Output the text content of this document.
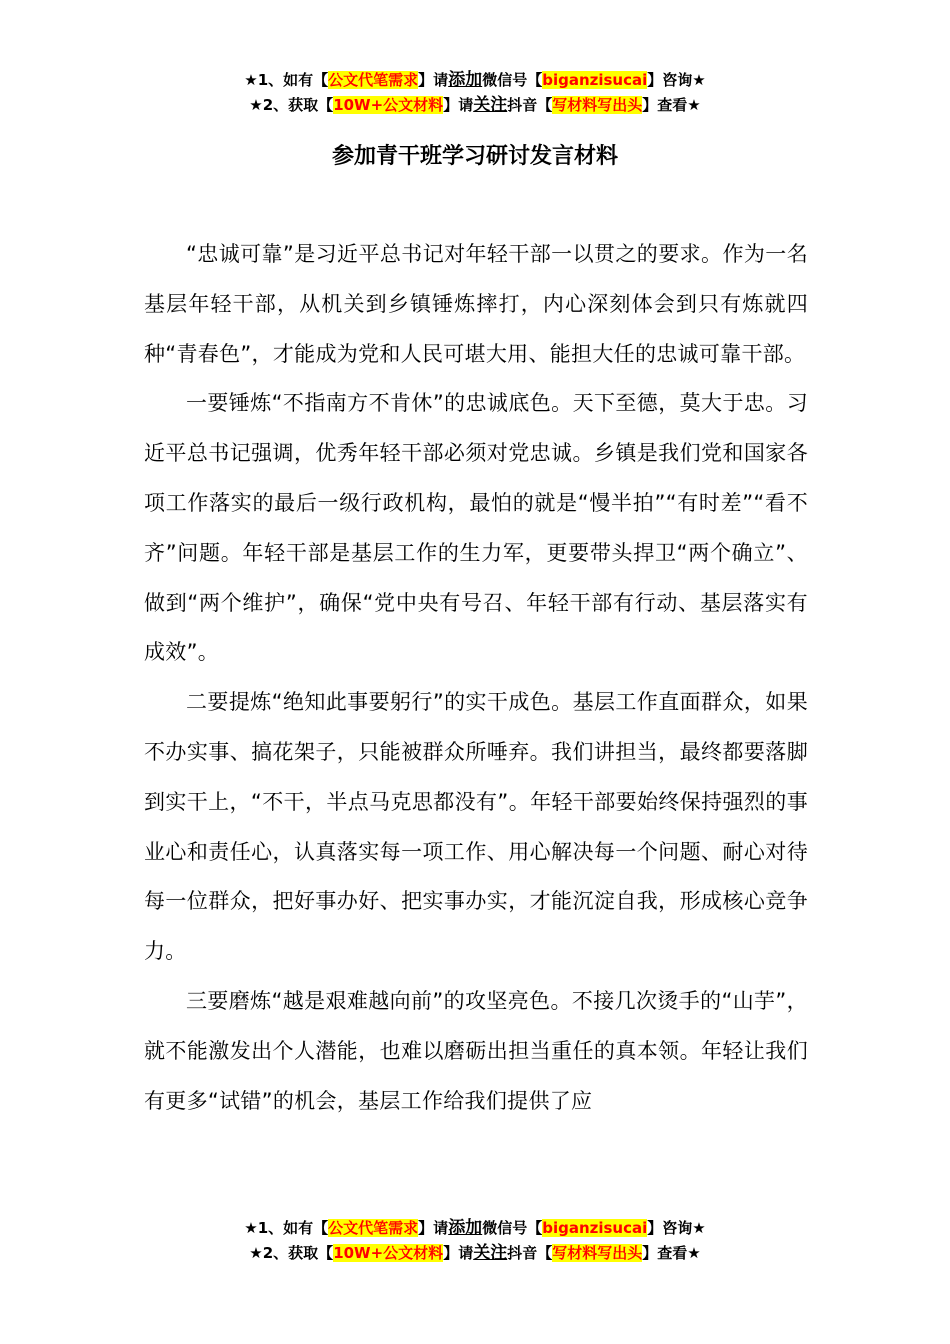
★1、如有【公文代笔需求】请添加微信号【biganzisucai】咨询★
★2、获取【10W+公文材料】请关注抖音【写材料写出头】查看★
参加青干班学习研讨发言材料

“忠诚可靠”是习近平总书记对年轻干部一以贯之的要求。作为一名基层年轻干部，从机关到乡镇锤炼摔打，内心深刻体会到只有炼就四种“青春色”，才能成为党和人民可堪大用、能担大任的忠诚可靠干部。

一要锤炼“不指南方不肯休”的忠诚底色。天下至德，莫大于忠。习近平总书记强调，优秀年轻干部必须对党忠诚。乡镇是我们党和国家各项工作落实的最后一级行政机构，最怕的就是“慢半拍”“有时差”“看不齐”问题。年轻干部是基层工作的生力军，更要带头捍卫“两个确立”、做到“两个维护”，确保“党中央有号召、年轻干部有行动、基层落实有成效”。

二要提炼“绝知此事要躬行”的实干成色。基层工作直面群众，如果不办实事、搞花架子，只能被群众所唾弃。我们讲担当，最终都要落脚到实干上，“不干，半点马克思都没有”。年轻干部要始终保持强烈的事业心和责任心，认真落实每一项工作、用心解决每一个问题、耐心对待每一位群众，把好事办好、把实事办实，才能沉淀自我，形成核心竞争力。

三要磨炼“越是艰难越向前”的攻坚亮色。不接几次烫手的“山芋”，就不能激发出个人潜能，也难以磨砺出担当重任的真本领。年轻让我们有更多“试错”的机会，基层工作给我们提供了应

★1、如有【公文代笔需求】请添加微信号【biganzisucai】咨询★
★2、获取【10W+公文材料】请关注抖音【写材料写出头】查看★
